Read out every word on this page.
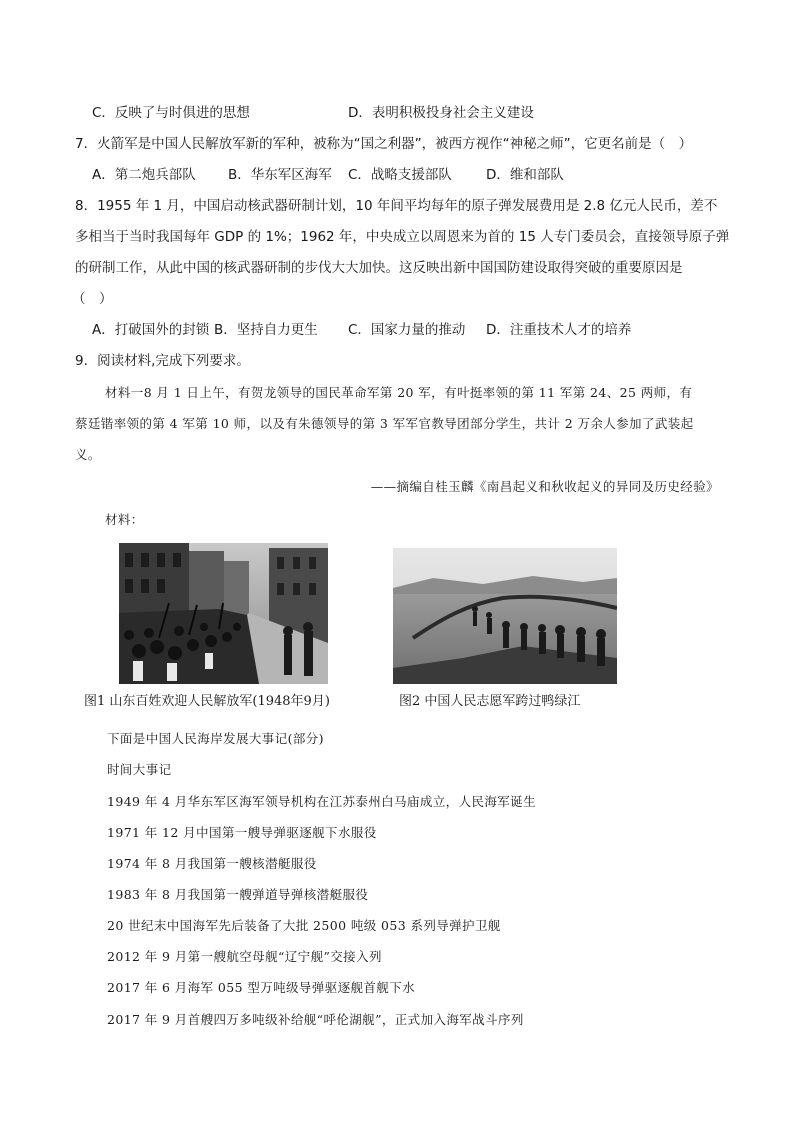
C．反映了与时俱进的思想	D．表明积极投身社会主义建设
7．火箭军是中国人民解放军新的军种，被称为“国之利器”，被西方视作“神秘之师”，它更名前是（　）
A．第二炮兵部队 B．华东军区海军 C．战略支援部队	D．维和部队
8．1955 年 1 月，中国启动核武器研制计划，10 年间平均每年的原子弹发展费用是 2.8 亿元人民币，差不
多相当于当时我国每年 GDP 的 1%；1962 年，中央成立以周恩来为首的 15 人专门委员会，直接领导原子弹
的研制工作，从此中国的核武器研制的步伐大大加快。这反映出新中国国防建设取得突破的重要原因是
（　）
A．打破国外的封锁 B．坚持自力更生 C．国家力量的推动 D．注重技术人才的培养
9．阅读材料,完成下列要求。
材料一8 月 1 日上午，有贺龙领导的国民革命军第 20 军，有叶挺率领的第 11 军第 24、25 两师，有
蔡廷锴率领的第 4 军第 10 师，以及有朱德领导的第 3 军军官教导团部分学生，共计 2 万余人参加了武装起
义。
——摘编自桂玉麟《南昌起义和秋收起义的异同及历史经验》
材料：
图1 山东百姓欢迎人民解放军(1948年9月)	图2 中国人民志愿军跨过鸭绿江
下面是中国人民海岸发展大事记(部分)
时间大事记
1949 年 4 月华东军区海军领导机构在江苏泰州白马庙成立，人民海军诞生
1971 年 12 月中国第一艘导弹驱逐舰下水服役
1974 年 8 月我国第一艘核潜艇服役
1983 年 8 月我国第一艘弹道导弹核潜艇服役
20 世纪末中国海军先后装备了大批 2500 吨级 053 系列导弹护卫舰
2012 年 9 月第一艘航空母舰“辽宁舰”交接入列
2017 年 6 月海军 055 型万吨级导弹驱逐舰首舰下水
2017 年 9 月首艘四万多吨级补给舰“呼伦湖舰”，正式加入海军战斗序列
